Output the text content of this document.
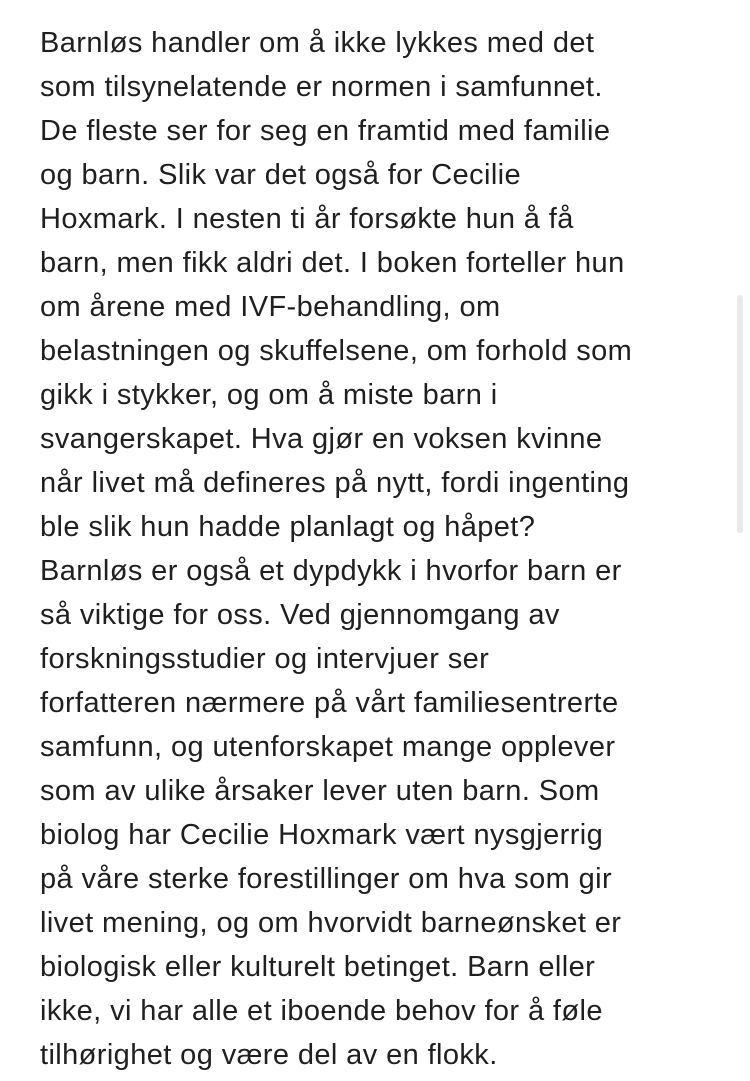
Barnløs handler om å ikke lykkes med det
som tilsynelatende er normen i samfunnet.
De fleste ser for seg en framtid med familie
og barn. Slik var det også for Cecilie
Hoxmark. I nesten ti år forsøkte hun å få
barn, men fikk aldri det. I boken forteller hun
om årene med IVF-behandling, om
belastningen og skuffelsene, om forhold som
gikk i stykker, og om å miste barn i
svangerskapet. Hva gjør en voksen kvinne
når livet må defineres på nytt, fordi ingenting
ble slik hun hadde planlagt og håpet?
Barnløs er også et dypdykk i hvorfor barn er
så viktige for oss. Ved gjennomgang av
forskningsstudier og intervjuer ser
forfatteren nærmere på vårt familiesentrerte
samfunn, og utenforskapet mange opplever
som av ulike årsaker lever uten barn. Som
biolog har Cecilie Hoxmark vært nysgjerrig
på våre sterke forestillinger om hva som gir
livet mening, og om hvorvidt barneønsket er
biologisk eller kulturelt betinget. Barn eller
ikke, vi har alle et iboende behov for å føle
tilhørighet og være del av en flokk.
